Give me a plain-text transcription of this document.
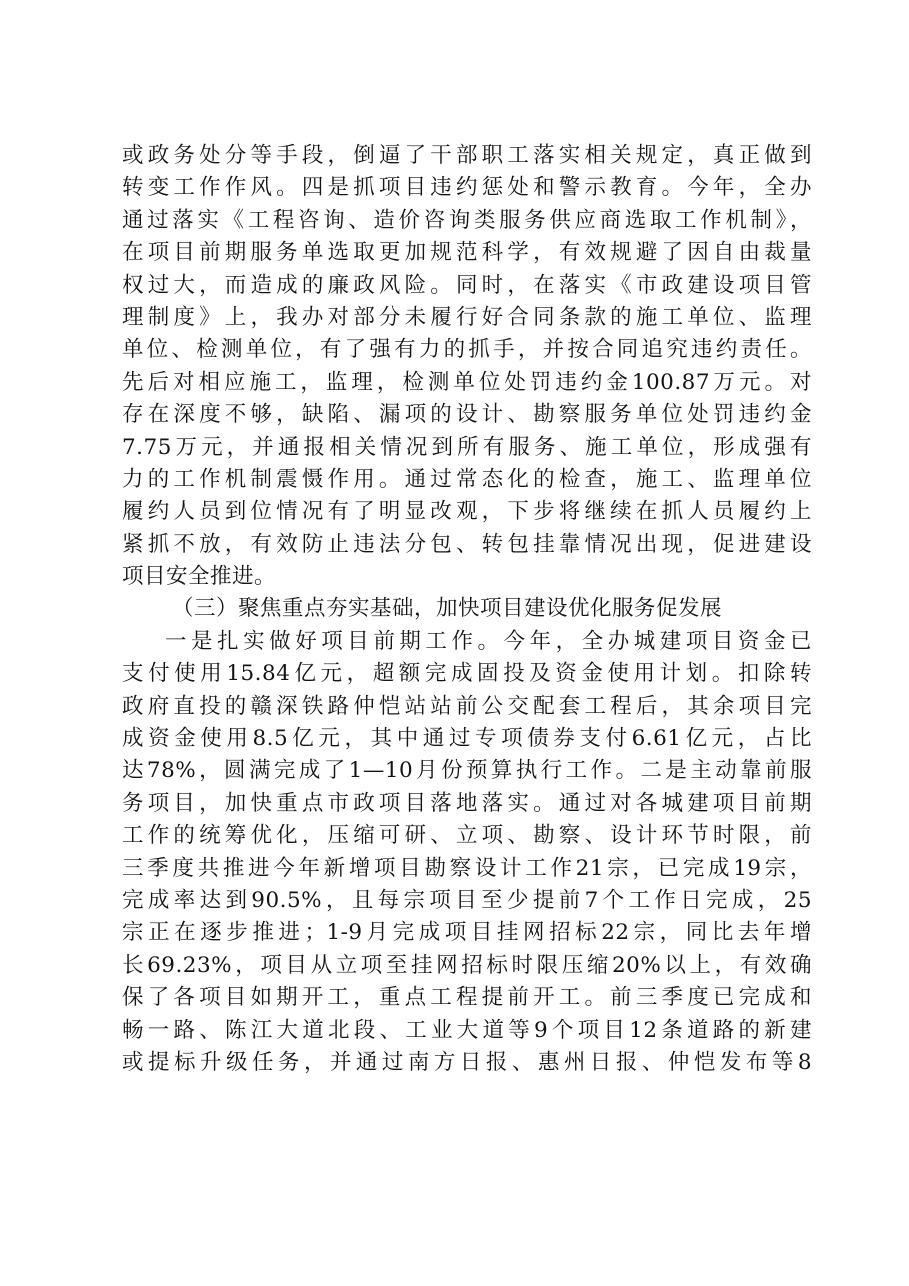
或政务处分等手段，倒逼了干部职工落实相关规定，真正做到
转变工作作风。四是抓项目违约惩处和警示教育。今年，全办
通过落实《工程咨询、造价咨询类服务供应商选取工作机制》，
在项目前期服务单选取更加规范科学，有效规避了因自由裁量
权过大，而造成的廉政风险。同时，在落实《市政建设项目管
理制度》上，我办对部分未履行好合同条款的施工单位、监理
单位、检测单位，有了强有力的抓手，并按合同追究违约责任。
先后对相应施工，监理，检测单位处罚违约金100.87万元。对
存在深度不够，缺陷、漏项的设计、勘察服务单位处罚违约金
7.75万元，并通报相关情况到所有服务、施工单位，形成强有
力的工作机制震慑作用。通过常态化的检查，施工、监理单位
履约人员到位情况有了明显改观，下步将继续在抓人员履约上
紧抓不放，有效防止违法分包、转包挂靠情况出现，促进建设
项目安全推进。
（三）聚焦重点夯实基础，加快项目建设优化服务促发展
一是扎实做好项目前期工作。今年，全办城建项目资金已
支付使用15.84亿元，超额完成固投及资金使用计划。扣除转
政府直投的赣深铁路仲恺站站前公交配套工程后，其余项目完
成资金使用8.5亿元，其中通过专项债券支付6.61亿元，占比
达78%，圆满完成了1—10月份预算执行工作。二是主动靠前服
务项目，加快重点市政项目落地落实。通过对各城建项目前期
工作的统筹优化，压缩可研、立项、勘察、设计环节时限，前
三季度共推进今年新增项目勘察设计工作21宗，已完成19宗，
完成率达到90.5%，且每宗项目至少提前7个工作日完成，25
宗正在逐步推进；1-9月完成项目挂网招标22宗，同比去年增
长69.23%，项目从立项至挂网招标时限压缩20%以上，有效确
保了各项目如期开工，重点工程提前开工。前三季度已完成和
畅一路、陈江大道北段、工业大道等9个项目12条道路的新建
或提标升级任务，并通过南方日报、惠州日报、仲恺发布等8
